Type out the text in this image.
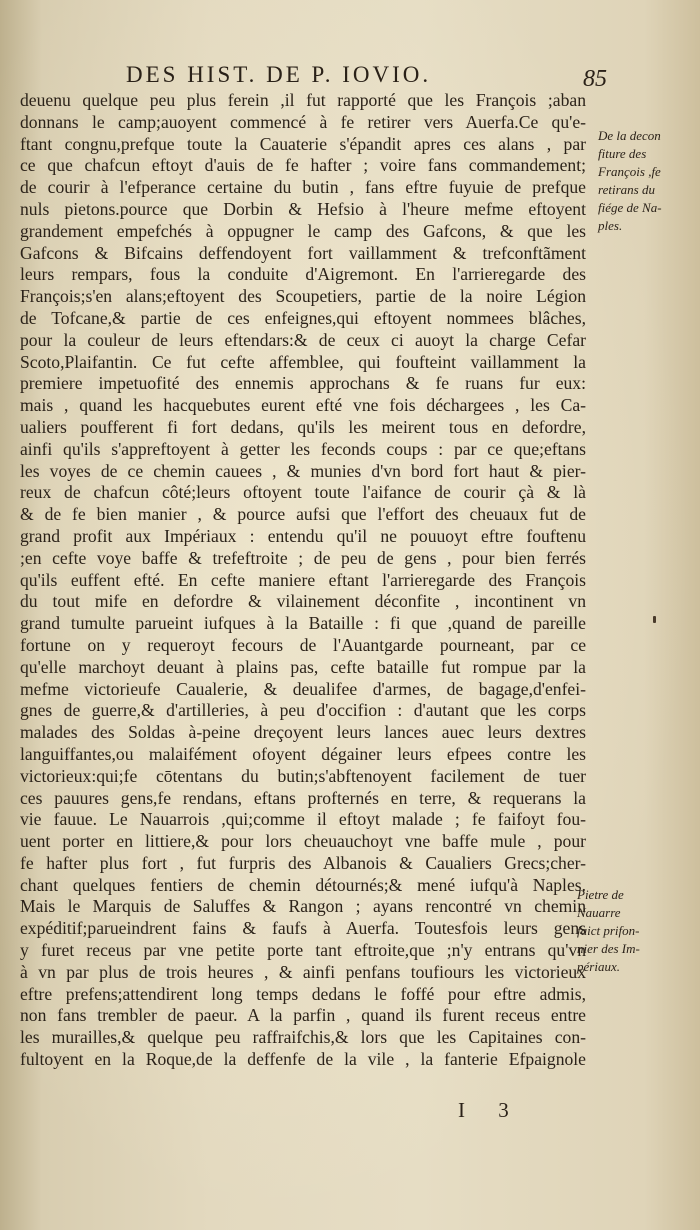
DES HIST. DE P. IOVIO.	85
deuenu quelque peu plus ferein ,il fut rapporté que les François ;aban
donnans le camp;auoyent commencé à fe retirer vers Auerfa.Ce qu'e-
ftant congnu,prefque toute la Cauaterie s'épandit apres ces alans , par
ce que chafcun eftoyt d'auis de fe hafter ; voire fans commandement;
de courir à l'efperance certaine du butin , fans eftre fuyuie de prefque
nuls pietons.pource que Dorbin & Hefsio à l'heure mefme eftoyent
grandement empefchés à oppugner le camp des Gafcons, & que les
Gafcons & Bifcains deffendoyent fort vaillamment & trefconftãment
leurs rempars, fous la conduite d'Aigremont. En l'arrieregarde des
François;s'en alans;eftoyent des Scoupetiers, partie de la noire Légion
de Tofcane,& partie de ces enfeignes,qui eftoyent nommees blâches,
pour la couleur de leurs eftendars:& de ceux ci auoyt la charge Cefar
Scoto,Plaifantin. Ce fut cefte affemblee, qui foufteint vaillamment la
premiere impetuofité des ennemis approchans & fe ruans fur eux:
mais , quand les hacquebutes eurent efté vne fois déchargees , les Ca-
ualiers poufferent fi fort dedans, qu'ils les meirent tous en defordre,
ainfi qu'ils s'appreftoyent à getter les feconds coups : par ce que;eftans
les voyes de ce chemin cauees , & munies d'vn bord fort haut & pier-
reux de chafcun côté;leurs oftoyent toute l'aifance de courir çà & là
& de fe bien manier , & pource aufsi que l'effort des cheuaux fut de
grand profit aux Impériaux : entendu qu'il ne pouuoyt eftre fouftenu
;en cefte voye baffe & trefeftroite ; de peu de gens , pour bien ferrés
qu'ils euffent efté. En cefte maniere eftant l'arrieregarde des François
du tout mife en defordre & vilainement déconfite , incontinent vn
grand tumulte parueint iufques à la Bataille : fi que ,quand de pareille
fortune on y requeroyt fecours de l'Auantgarde pourneant, par ce
qu'elle marchoyt deuant à plains pas, cefte bataille fut rompue par la
mefme victorieufe Caualerie, & deualifee d'armes, de bagage,d'enfei-
gnes de guerre,& d'artilleries, à peu d'occifion : d'autant que les corps
malades des Soldas à-peine dreçoyent leurs lances auec leurs dextres
languiffantes,ou malaifément ofoyent dégainer leurs efpees contre les
victorieux:qui;fe cōtentans du butin;s'abftenoyent facilement de tuer
ces pauures gens,fe rendans, eftans profternés en terre, & requerans la
vie fauue. Le Nauarrois ,qui;comme il eftoyt malade ; fe faifoyt fou-
uent porter en littiere,& pour lors cheuauchoyt vne baffe mule , pour
fe hafter plus fort , fut furpris des Albanois & Caualiers Grecs;cher-
chant quelques fentiers de chemin détournés;& mené iufqu'à Naples.
Mais le Marquis de Saluffes & Rangon ; ayans rencontré vn chemin
expéditif;parueindrent fains & faufs à Auerfa. Toutesfois leurs gens
y furet receus par vne petite porte tant eftroite,que ;n'y entrans qu'vn
à vn par plus de trois heures , & ainfi penfans toufiours les victorieux
eftre prefens;attendirent long temps dedans le foffé pour eftre admis,
non fans trembler de paeur. A la parfin , quand ils furent receus entre
les murailles,& quelque peu raffraifchis,& lors que les Capitaines con-
fultoyent en la Roque,de la deffenfe de la vile , la fanterie Efpaignole
De la decon
fiture des
François ,fe
retirans du
fiége de Na-
ples.
Pietre de
Nauarre
faict prifon-
nier des Im-
périaux.
I 3
